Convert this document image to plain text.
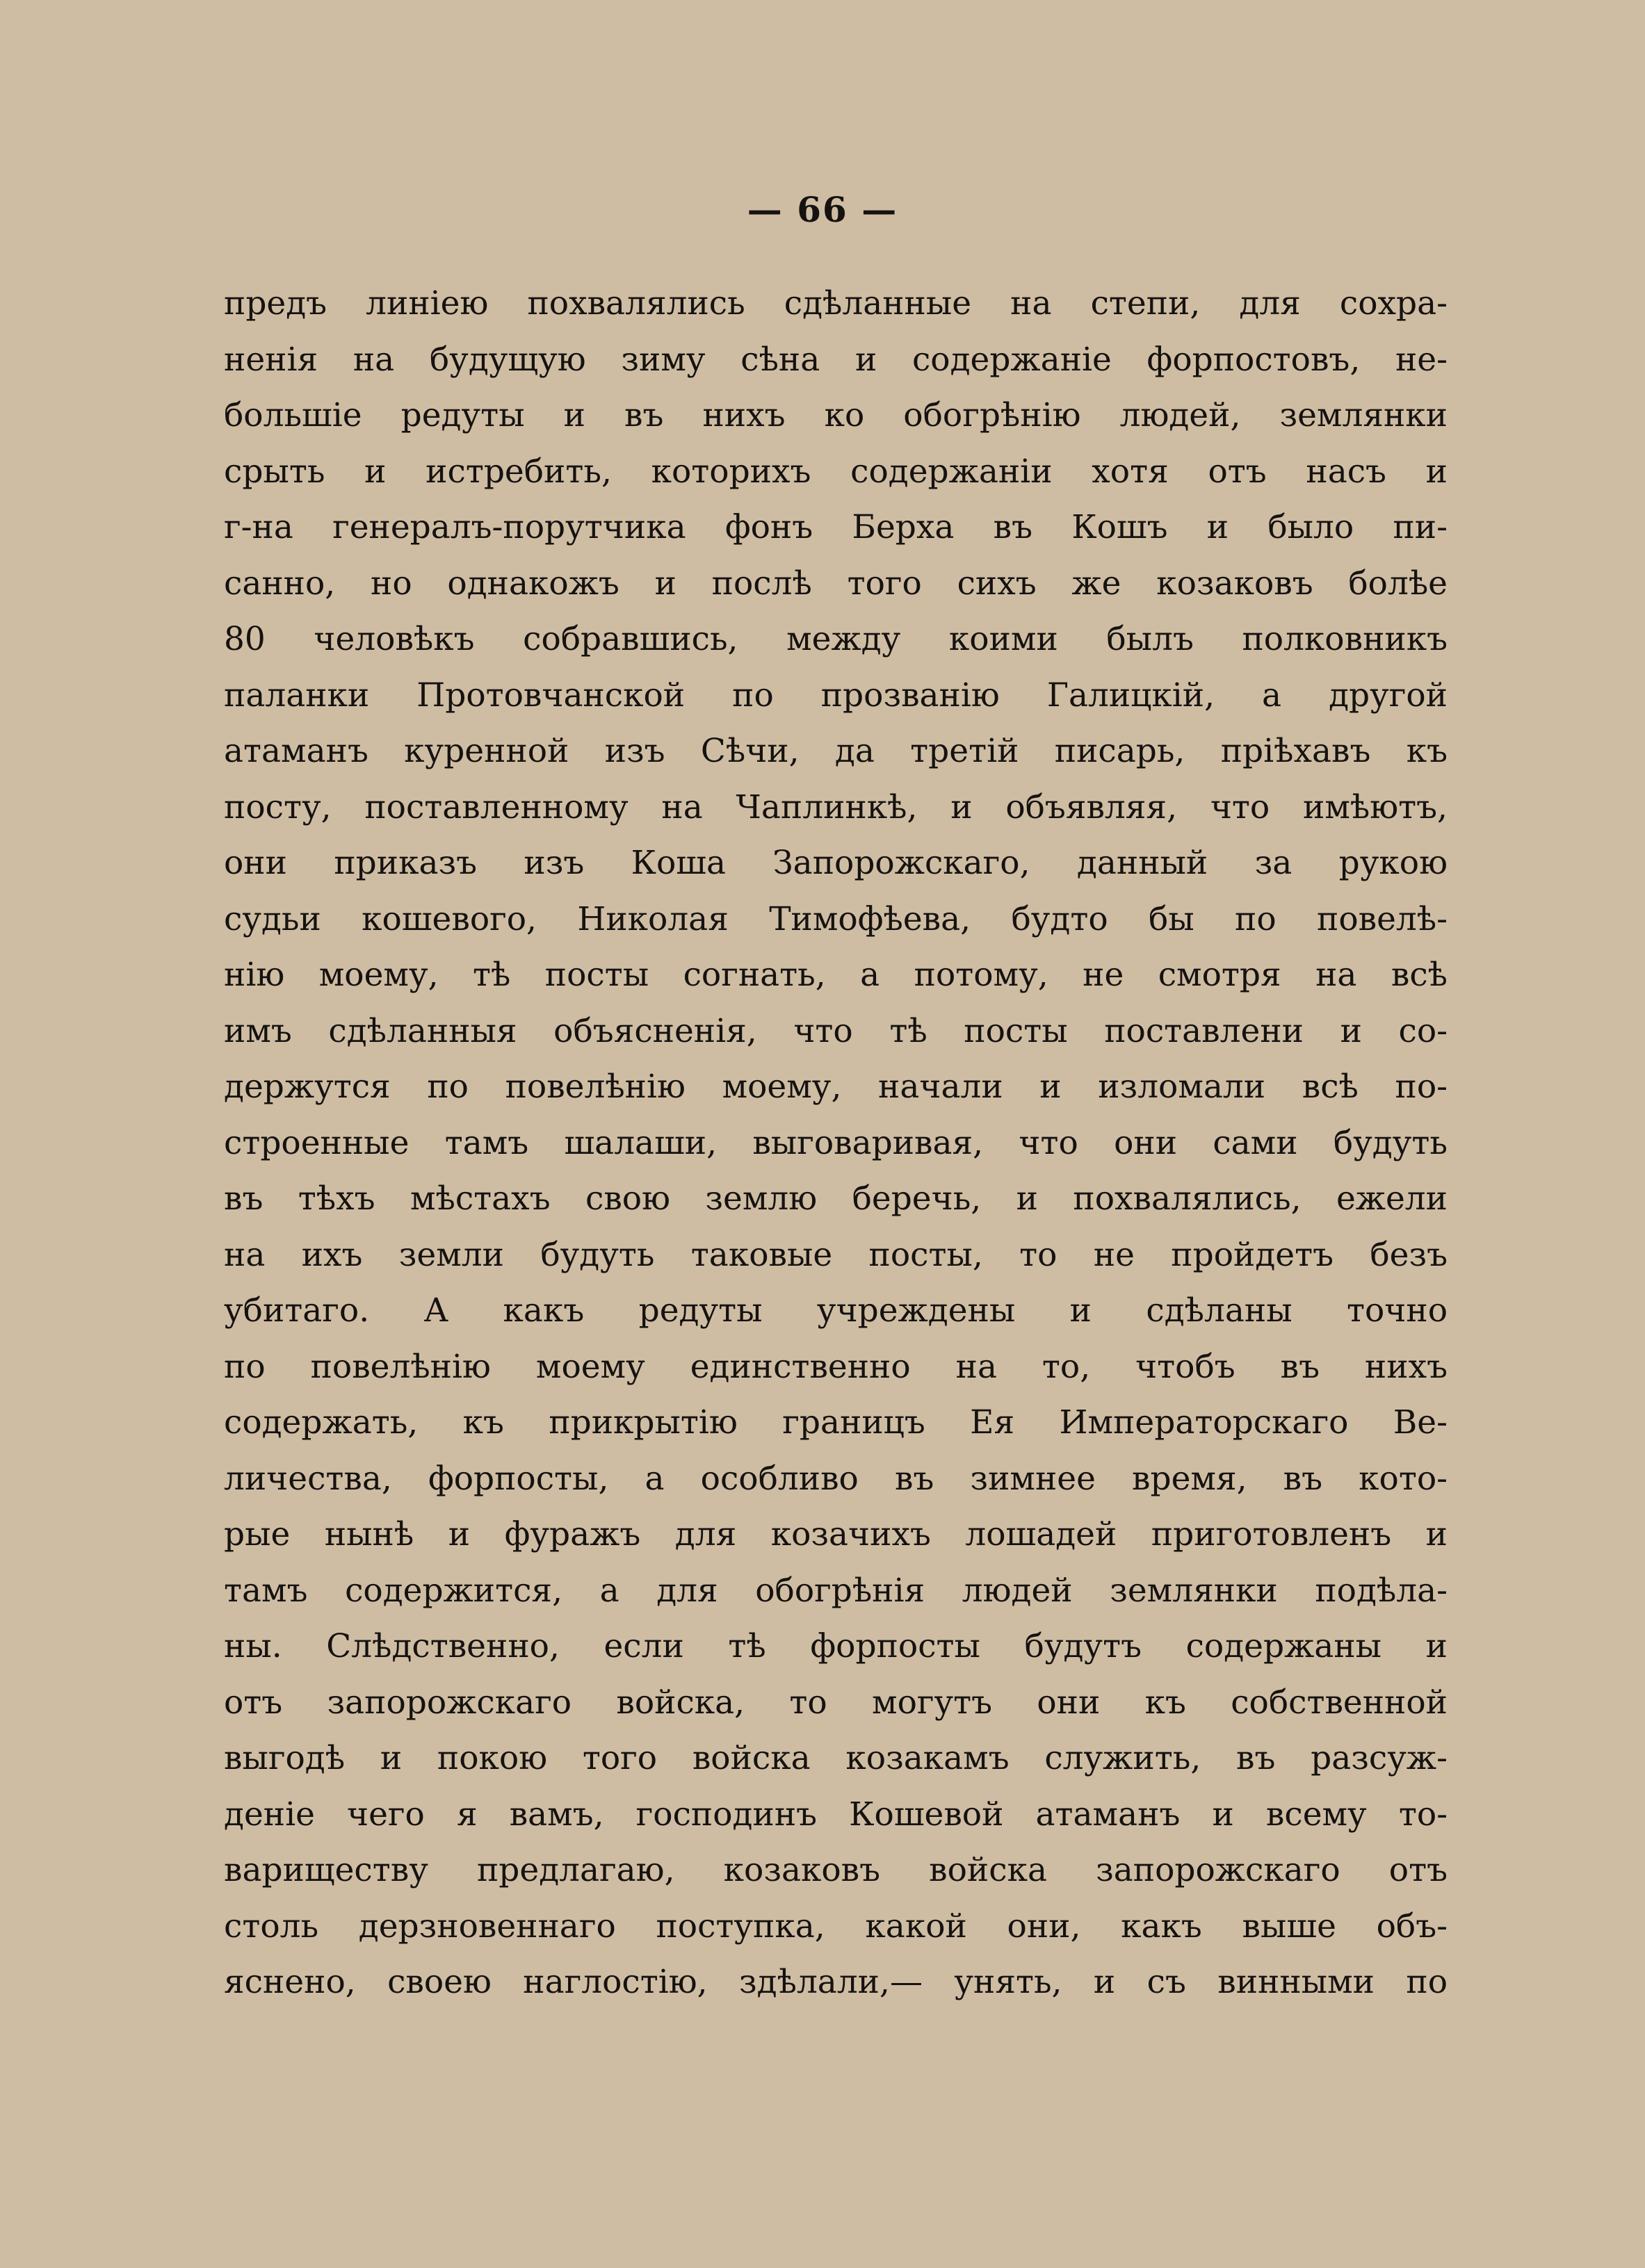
— 66 —
предъ линіею похвалялись сдѣланные на степи, для сохра-
ненія на будущую зиму сѣна и содержаніе форпостовъ, не-
большіе редуты и въ нихъ ко обогрѣнію людей, землянки
срыть и истребить, которихъ содержаніи хотя отъ насъ и
г-на генералъ-порутчика фонъ Берха въ Кошъ и было пи-
санно, но однакожъ и послѣ того сихъ же козаковъ болѣе
80 человѣкъ собравшись, между коими былъ полковникъ
паланки Протовчанской по прозванію Галицкій, а другой
атаманъ куренной изъ Сѣчи, да третій писарь, пріѣхавъ къ
посту, поставленному на Чаплинкѣ, и объявляя, что имѣютъ,
они приказъ изъ Коша Запорожскаго, данный за рукою
судьи кошевого, Николая Тимофѣева, будто бы по повелѣ-
нію моему, тѣ посты согнать, а потому, не смотря на всѣ
имъ сдѣланныя объясненія, что тѣ посты поставлени и со-
держутся по повелѣнію моему, начали и изломали всѣ по-
строенные тамъ шалаши, выговаривая, что они сами будуть
въ тѣхъ мѣстахъ свою землю беречь, и похвалялись, ежели
на ихъ земли будуть таковые посты, то не пройдетъ безъ
убитаго. А какъ редуты учреждены и сдѣланы точно
по повелѣнію моему единственно на то, чтобъ въ нихъ
содержать, къ прикрытію границъ Ея Императорскаго Ве-
личества, форпосты, а особливо въ зимнее время, въ кото-
рые нынѣ и фуражъ для козачихъ лошадей приготовленъ и
тамъ содержится, а для обогрѣнія людей землянки подѣла-
ны. Слѣдственно, если тѣ форпосты будутъ содержаны и
отъ запорожскаго войска, то могутъ они къ собственной
выгодѣ и покою того войска козакамъ служить, въ разсуж-
деніе чего я вамъ, господинъ Кошевой атаманъ и всему то-
вариществу предлагаю, козаковъ войска запорожскаго отъ
столь дерзновеннаго поступка, какой они, какъ выше объ-
яснено, своею наглостію, здѣлали,— унять, и съ винными по
